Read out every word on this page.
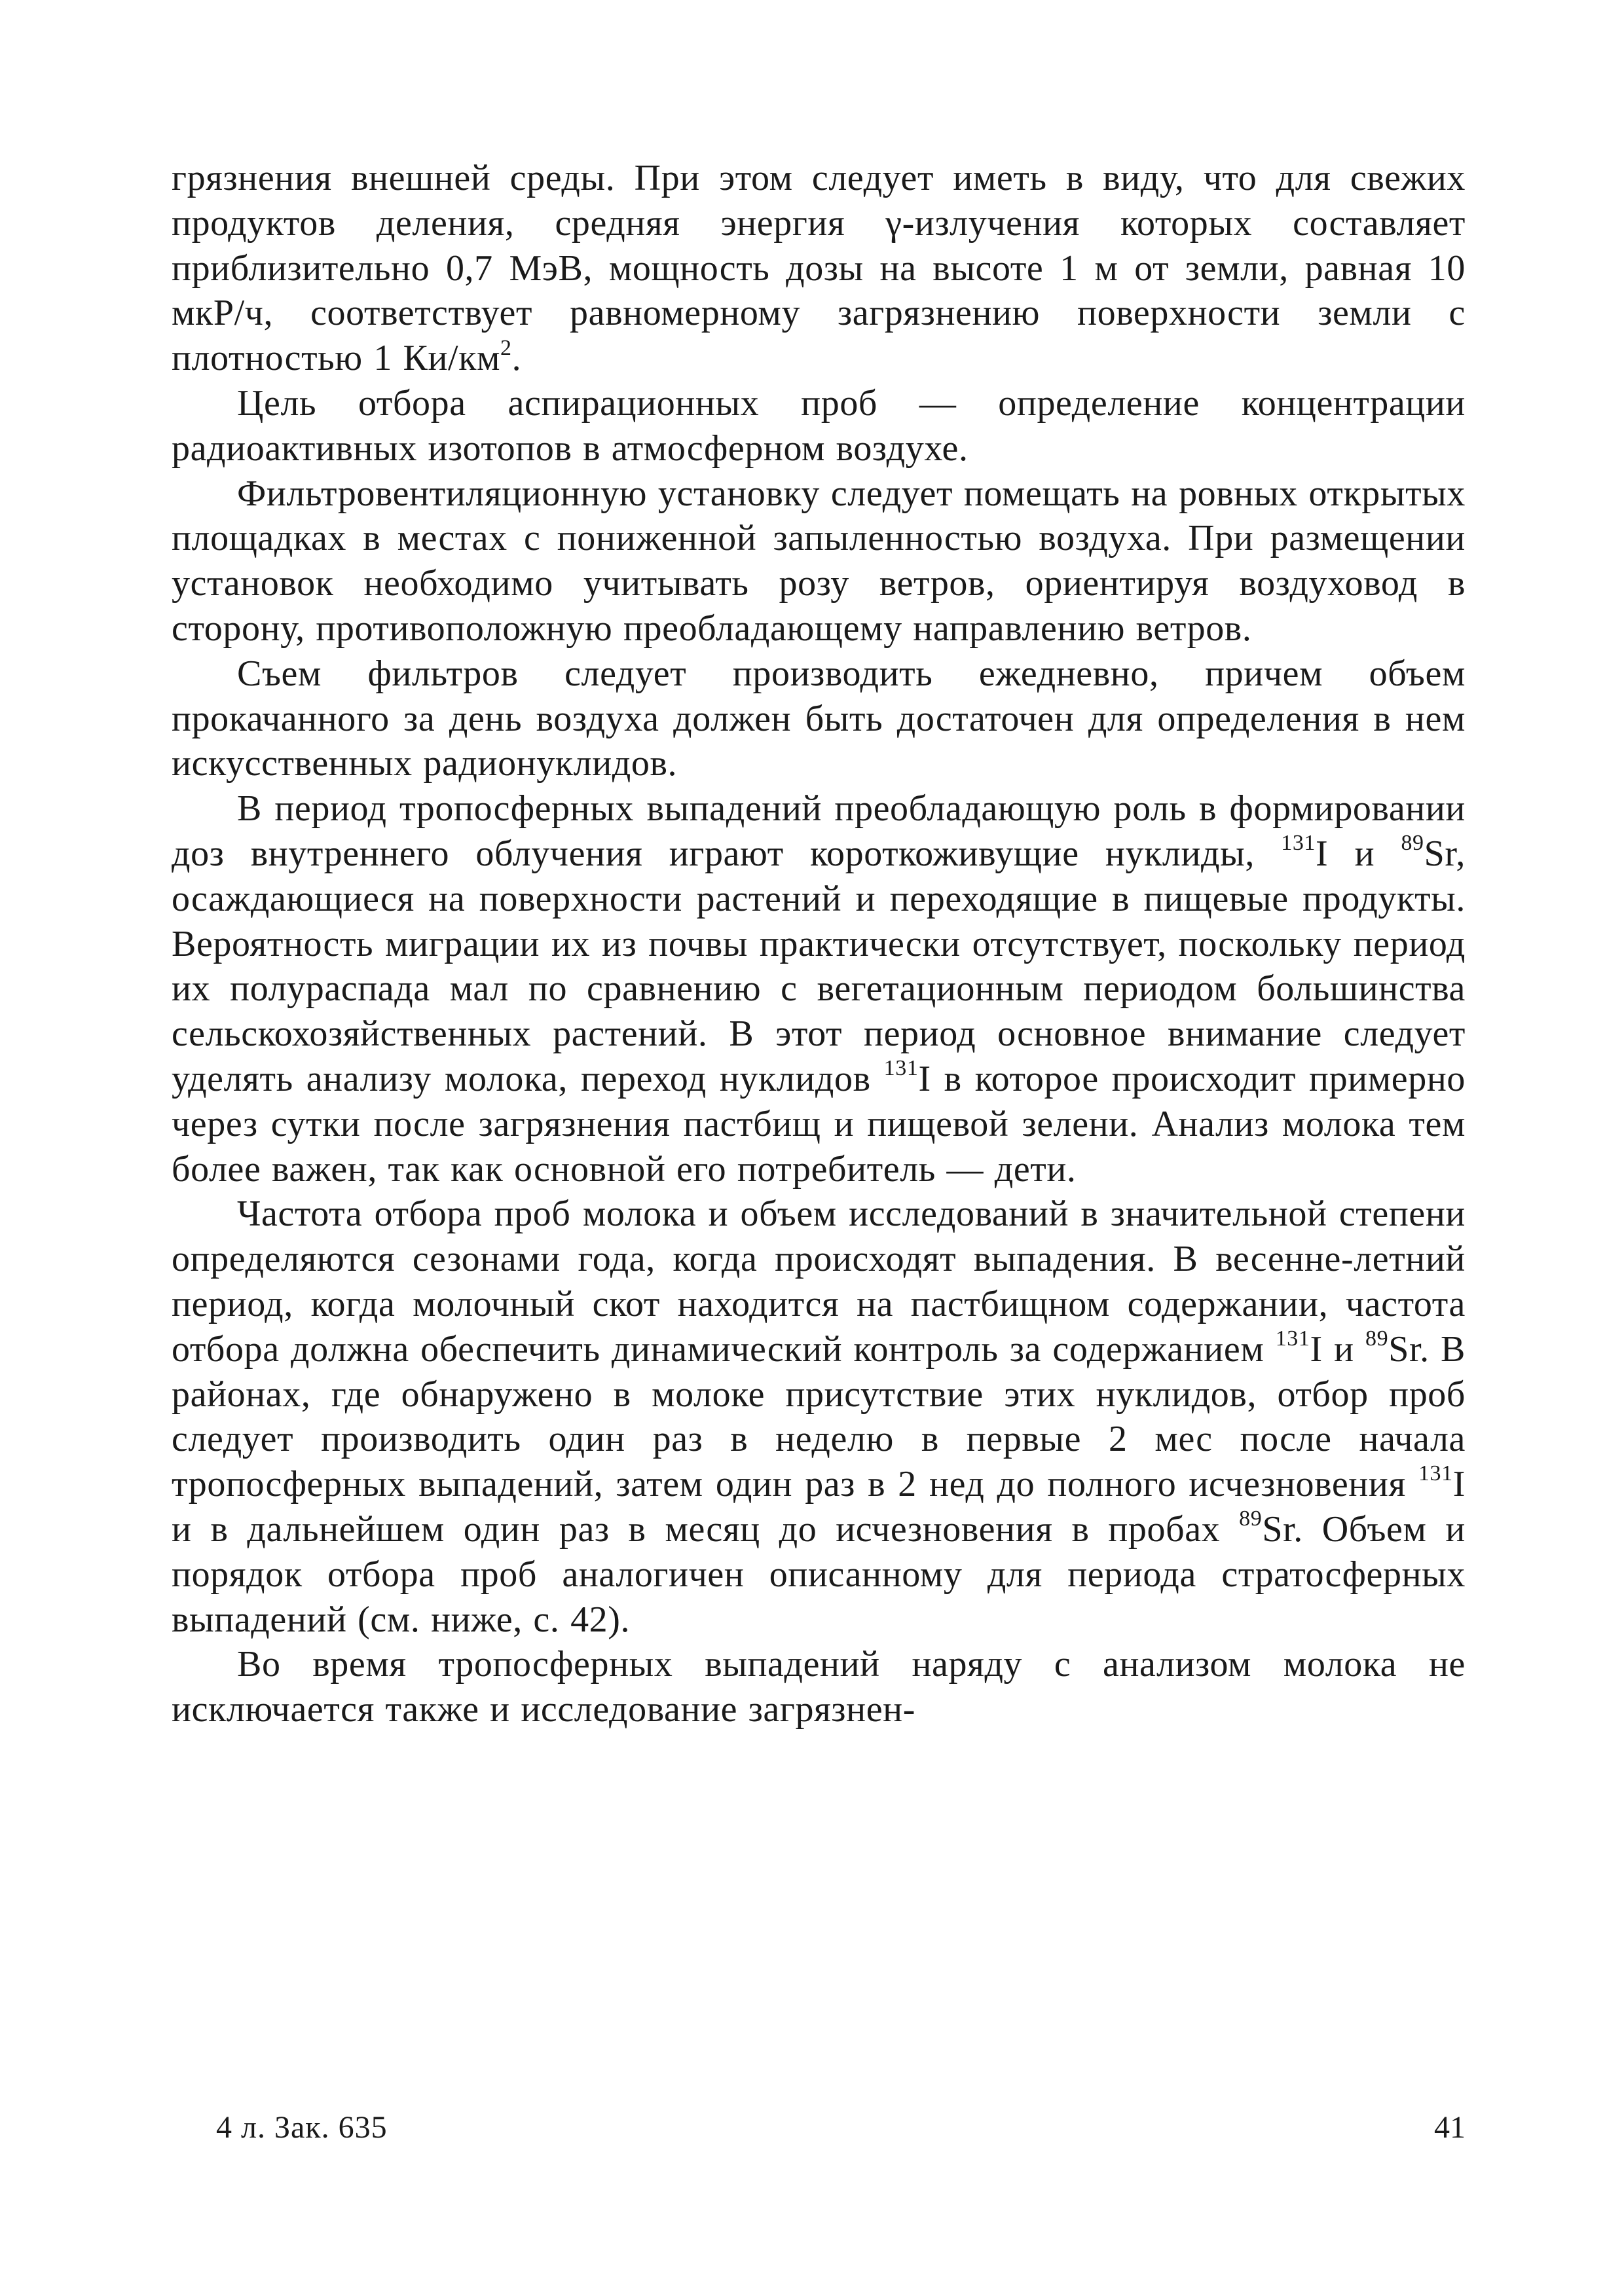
грязнения внешней среды. При этом следует иметь в виду, что для свежих продуктов деления, средняя энергия γ-излучения которых составляет приблизительно 0,7 МэВ, мощность дозы на высоте 1 м от земли, равная 10 мкР/ч, соответствует равномерному загрязнению поверхности земли с плотностью 1 $Ки/км^2$.

Цель отбора аспирационных проб — определение концентрации радиоактивных изотопов в атмосферном воздухе.

Фильтровентиляционную установку следует помещать на ровных открытых площадках в местах с пониженной запыленностью воздуха. При размещении установок необходимо учитывать розу ветров, ориентируя воздуховод в сторону, противоположную преобладающему направлению ветров.

Съем фильтров следует производить ежедневно, причем объем прокачанного за день воздуха должен быть достаточен для определения в нем искусственных радионуклидов.

В период тропосферных выпадений преобладающую роль в формировании доз внутреннего облучения играют короткоживущие нуклиды, $^{131}$I и $^{89}$Sr, осаждающиеся на поверхности растений и переходящие в пищевые продукты. Вероятность миграции их из почвы практически отсутствует, поскольку период их полураспада мал по сравнению с вегетационным периодом большинства сельскохозяйственных растений. В этот период основное внимание следует уделять анализу молока, переход нуклидов $^{131}$I в которое происходит примерно через сутки после загрязнения пастбищ и пищевой зелени. Анализ молока тем более важен, так как основной его потребитель — дети.

Частота отбора проб молока и объем исследований в значительной степени определяются сезонами года, когда происходят выпадения. В весенне-летний период, когда молочный скот находится на пастбищном содержании, частота отбора должна обеспечить динамический контроль за содержанием $^{131}$I и $^{89}$Sr. В районах, где обнаружено в молоке присутствие этих нуклидов, отбор проб следует производить один раз в неделю в первые 2 мес после начала тропосферных выпадений, затем один раз в 2 нед до полного исчезновения $^{131}$I и в дальнейшем один раз в месяц до исчезновения в пробах $^{89}$Sr. Объем и порядок отбора проб аналогичен описанному для периода стратосферных выпадений (см. ниже, с. 42).

Во время тропосферных выпадений наряду с анализом молока не исключается также и исследование загрязнен-

4 л. Зак. 635	41
